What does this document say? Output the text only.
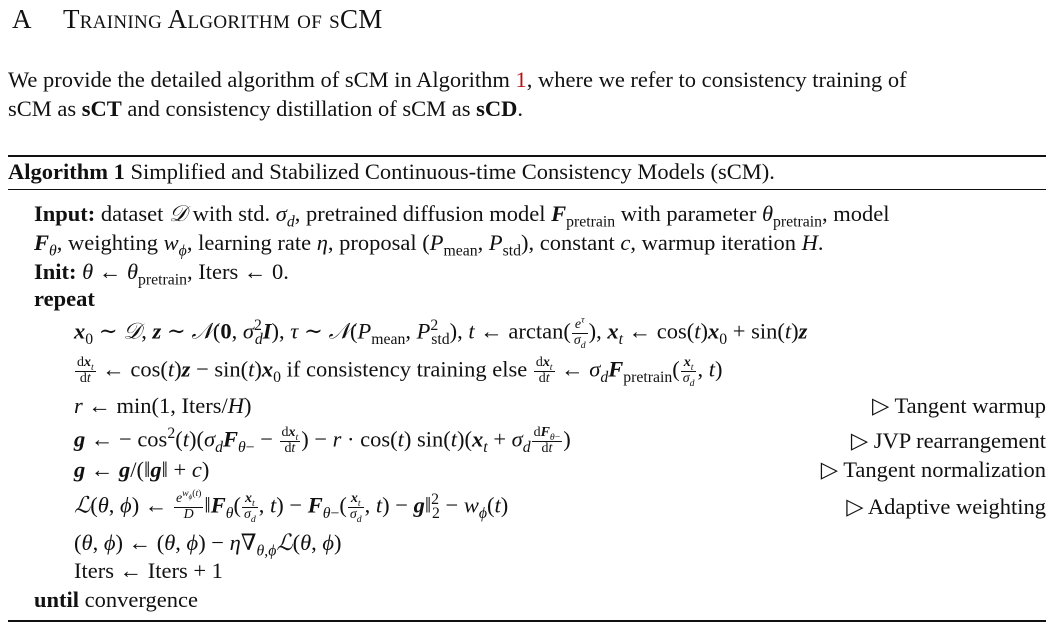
A Training Algorithm of sCM
We provide the detailed algorithm of sCM in Algorithm 1, where we refer to consistency training of
sCM as sCT and consistency distillation of sCM as sCD.
Algorithm 1 Simplified and Stabilized Continuous-time Consistency Models (sCM).
Input: dataset 𝒟 with std. $\sigma_d$, pretrained diffusion model $F_{pretrain}$ with parameter $\theta_{pretrain}$, model
$F_\theta$, weighting $w_\phi$, learning rate η, proposal ($P_{mean}$, $P_{std}$), constant c, warmup iteration H.
Init: θ ← $\theta_{pretrain}$, Iters ← 0.
repeat
$x_0$ ∼ 𝒟, z ∼ 𝒩(0, $\sigma^2_dI$), τ ∼ $𝒩(P_{mean}$, $P^2_{std}$), t ← $\arctan( \frac{e^\tau}{\sigma_d}$ ), $x_t$ ← $\cos(t)x_0 + \sin(t)z$
$\frac{dx_t}{dt}$ ← $\cos(t)z - \sin(t)x_0$ if consistency training else $\frac{dx_t}{dt}$ ← $\sigma_dF_{pretrain}( \frac{x_t}{\sigma_d}$ , t)
r ← min(1, Iters/H)	▷ Tangent warmup
g ← − $\cos^2(t)(\sigma_dF_{\theta-} - \frac{dx_t}{dt}$ ) − r · cos(t) $\sin(t)(x_t + \sigma_d \frac{dF_{\theta-}}{dt}$ )	▷ JVP rearrangement
g ← g/(‖g‖ + c)	▷ Tangent normalization
ℒ(θ, ϕ) ← $\frac{e^{w_\phi(t)}}{D}$ $‖F_\theta( \frac{x_t}{\sigma_d}$ , $t) - F_{\theta-}( \frac{x_t}{\sigma_d}$ , t) − g‖$^2_2$ − $w_\phi(t)$	▷ Adaptive weighting
(θ, ϕ) ← (θ, $\phi) - \eta\nabla_{\theta,\phi}ℒ(\theta$, ϕ)
Iters ← Iters + 1
until convergence
